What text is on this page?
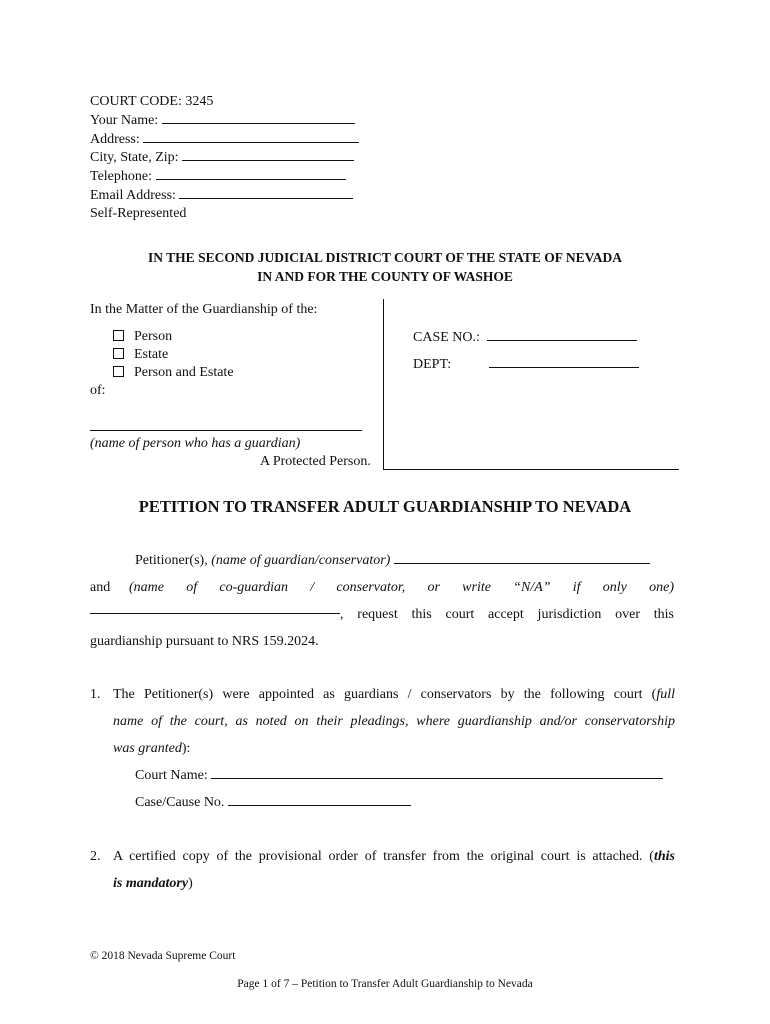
COURT CODE: 3245
Your Name:
Address:
City, State, Zip:
Telephone:
Email Address:
Self-Represented
IN THE SECOND JUDICIAL DISTRICT COURT OF THE STATE OF NEVADA
IN AND FOR THE COUNTY OF WASHOE
In the Matter of the Guardianship of the:
Person
Estate
Person and Estate
of:
(name of person who has a guardian)
A Protected Person.
CASE NO.:
DEPT:
PETITION TO TRANSFER ADULT GUARDIANSHIP TO NEVADA
Petitioner(s), (name of guardian/conservator)
and (name of co-guardian / conservator, or write “N/A” if only one)
, request this court accept jurisdiction over this
guardianship pursuant to NRS 159.2024.
1. The Petitioner(s) were appointed as guardians / conservators by the following court (full
name of the court, as noted on their pleadings, where guardianship and/or conservatorship
was granted):
Court Name:
Case/Cause No.
2. A certified copy of the provisional order of transfer from the original court is attached. (this
is mandatory)
© 2018 Nevada Supreme Court
Page 1 of 7 – Petition to Transfer Adult Guardianship to Nevada
